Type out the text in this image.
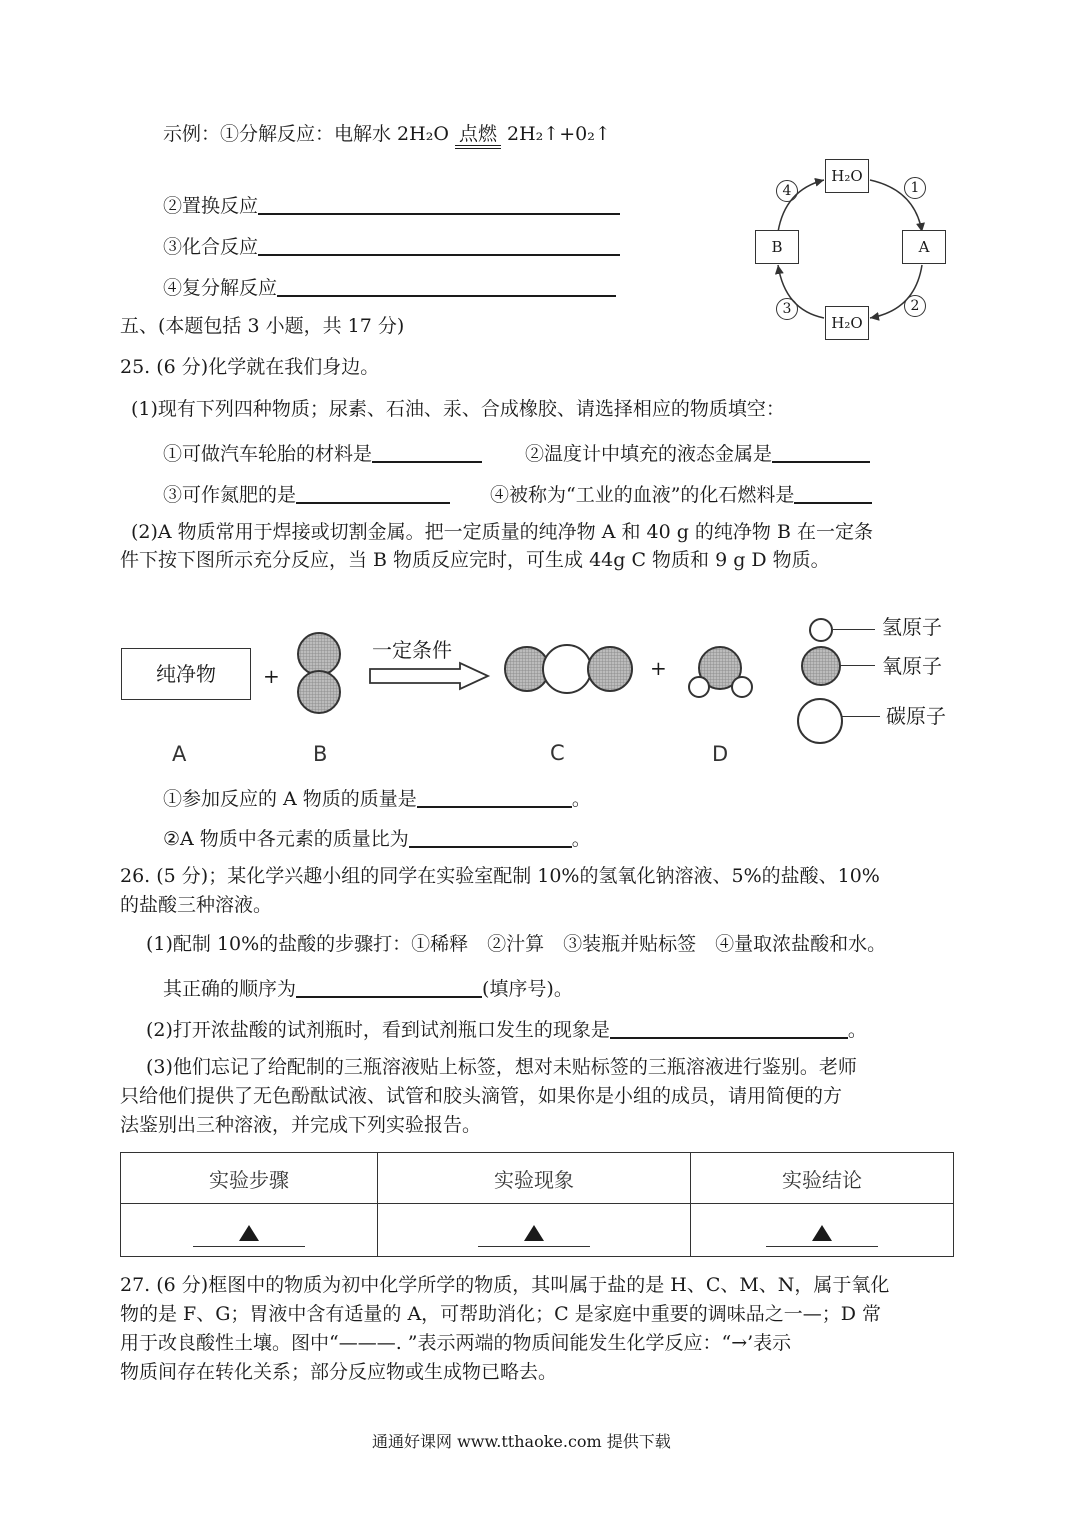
示例：①分解反应：电解水 2H₂O 点燃 2H₂↑+0₂↑
②置换反应
③化合反应
④复分解反应
五、(本题包括 3 小题，共 17 分)
H₂O
A
H₂O
B
1
2
3
4
25. (6 分)化学就在我们身边。
(1)现有下列四种物质；尿素、石油、汞、合成橡胶、请选择相应的物质填空：
①可做汽车轮胎的材料是	②温度计中填充的液态金属是
③可作氮肥的是	④被称为“工业的血液”的化石燃料是
(2)A 物质常用于焊接或切割金属。把一定质量的纯净物 A 和 40 g 的纯净物 B 在一定条
件下按下图所示充分反应，当 B 物质反应完时，可生成 44g C 物质和 9 g D 物质。
纯净物	+
一定条件
+
A	B	C	D
氢原子
氧原子
碳原子
①参加反应的 A 物质的质量是	。
②A 物质中各元素的质量比为	。
26. (5 分)；某化学兴趣小组的同学在实验室配制 10%的氢氧化钠溶液、5%的盐酸、10%
的盐酸三种溶液。
(1)配制 10%的盐酸的步骤打：①稀释　②汁算　③装瓶并贴标签　④量取浓盐酸和水。
其正确的顺序为	(填序号)。
(2)打开浓盐酸的试剂瓶时，看到试剂瓶口发生的现象是	。
(3)他们忘记了给配制的三瓶溶液贴上标签，想对未贴标签的三瓶溶液进行鉴别。老师
只给他们提供了无色酚酞试液、试管和胶头滴管，如果你是小组的成员，请用简便的方
法鉴别出三种溶液，并完成下列实验报告。
实验步骤	实验现象	实验结论

27. (6 分)框图中的物质为初中化学所学的物质，其叫属于盐的是 H、C、M、N，属于氧化
物的是 F、G；胃液中含有适量的 A，可帮助消化；C 是家庭中重要的调味品之一—；D 常
用于改良酸性土壤。图中“———. ”表示两端的物质间能发生化学反应：“→’表示
物质间存在转化关系；部分反应物或生成物已略去。
通通好课网 www.tthaoke.com 提供下载
